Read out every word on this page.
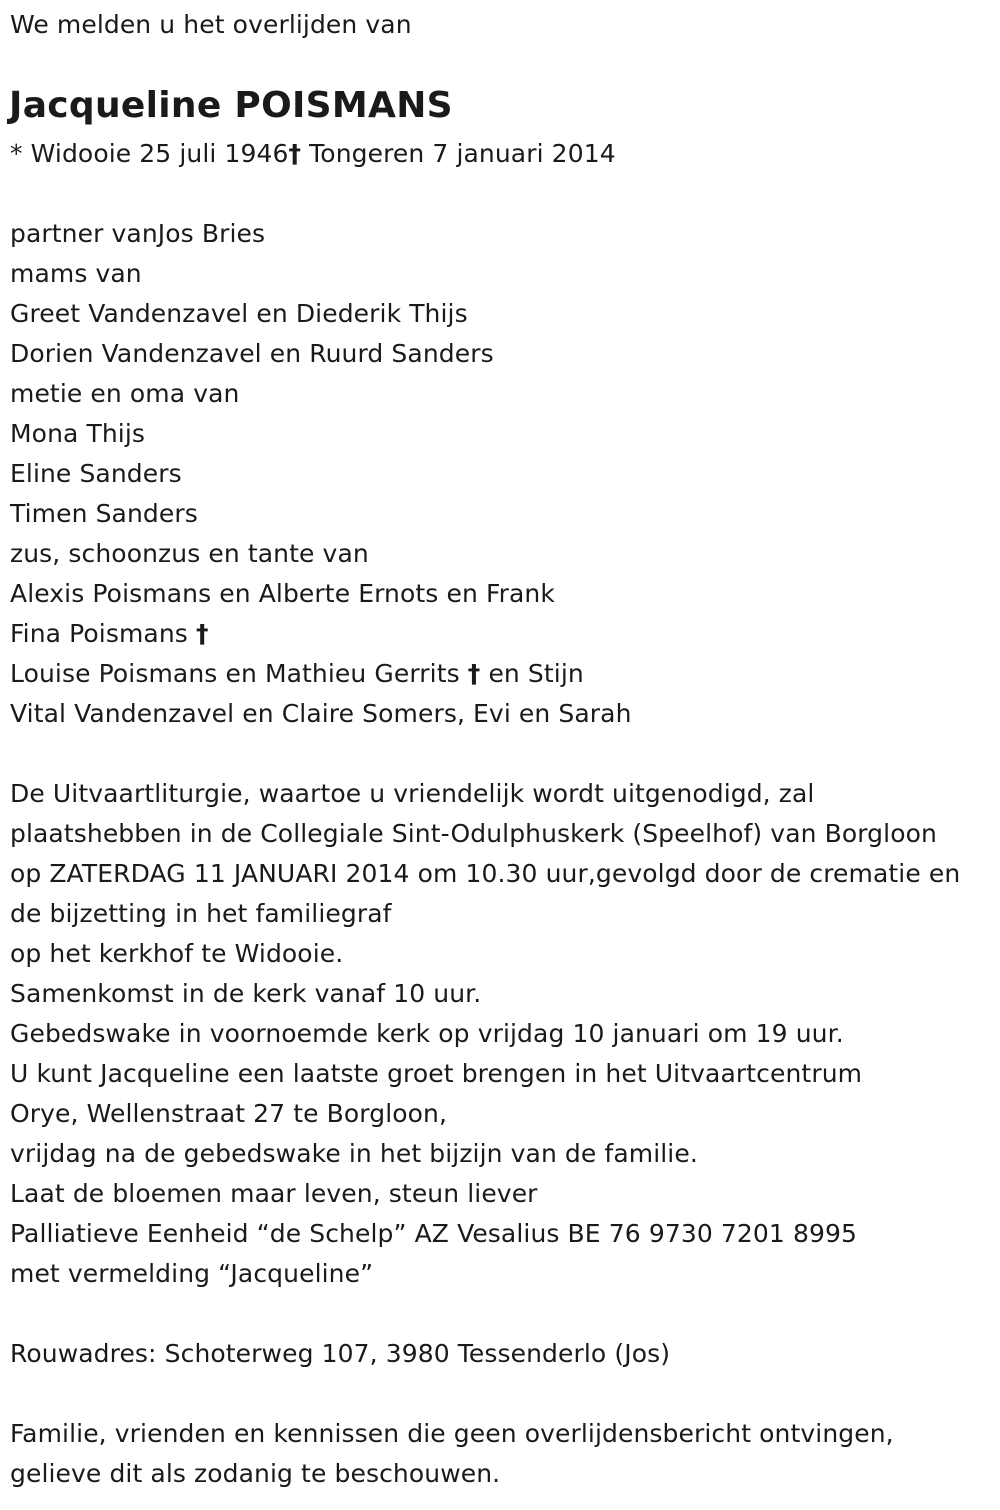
We melden u het overlijden van
Jacqueline POISMANS
* Widooie 25 juli 1946† Tongeren 7 januari 2014
partner vanJos Bries
mams van
Greet Vandenzavel en Diederik Thijs
Dorien Vandenzavel en Ruurd Sanders
metie en oma van
Mona Thijs
Eline Sanders
Timen Sanders
zus, schoonzus en tante van
Alexis Poismans en Alberte Ernots en Frank
Fina Poismans †
Louise Poismans en Mathieu Gerrits † en Stijn
Vital Vandenzavel en Claire Somers, Evi en Sarah
De Uitvaartliturgie, waartoe u vriendelijk wordt uitgenodigd, zal
plaatshebben in de Collegiale Sint-Odulphuskerk (Speelhof) van Borgloon
op ZATERDAG 11 JANUARI 2014 om 10.30 uur,gevolgd door de crematie en
de bijzetting in het familiegraf
op het kerkhof te Widooie.
Samenkomst in de kerk vanaf 10 uur.
Gebedswake in voornoemde kerk op vrijdag 10 januari om 19 uur.
U kunt Jacqueline een laatste groet brengen in het Uitvaartcentrum
Orye, Wellenstraat 27 te Borgloon,
vrijdag na de gebedswake in het bijzijn van de familie.
Laat de bloemen maar leven, steun liever
Palliatieve Eenheid “de Schelp” AZ Vesalius BE 76 9730 7201 8995
met vermelding “Jacqueline”
Rouwadres: Schoterweg 107, 3980 Tessenderlo (Jos)
Familie, vrienden en kennissen die geen overlijdensbericht ontvingen,
gelieve dit als zodanig te beschouwen.
